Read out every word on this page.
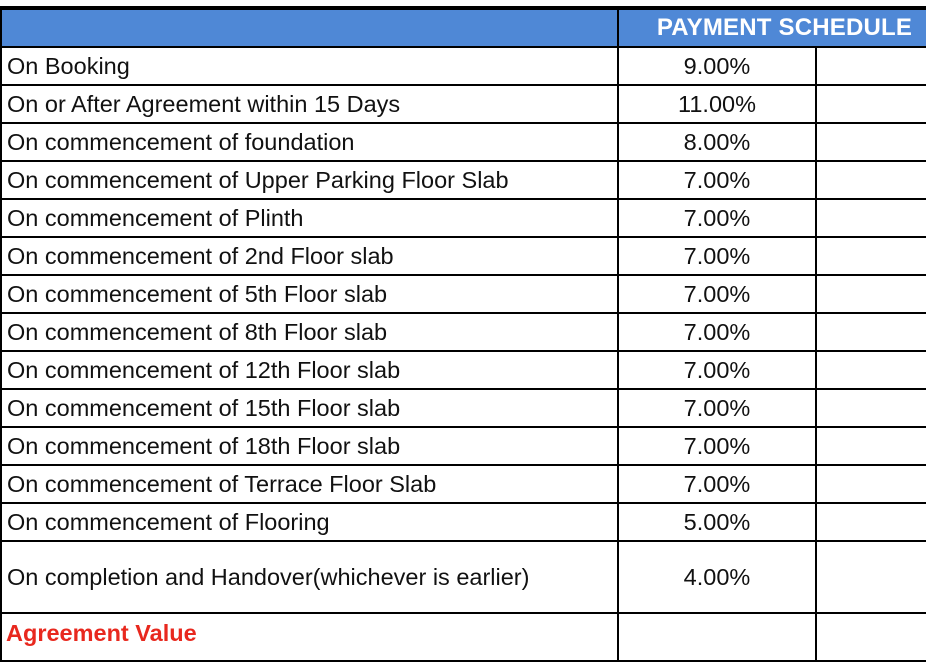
	PAYMENT SCHEDULE	
On Booking	9.00%	
On or After Agreement within 15 Days	11.00%	
On commencement of foundation	8.00%	
On commencement of Upper Parking Floor Slab	7.00%	
On commencement of Plinth	7.00%	
On commencement of 2nd Floor slab	7.00%	
On commencement of 5th Floor slab	7.00%	
On commencement of 8th Floor slab	7.00%	
On commencement of 12th Floor slab	7.00%	
On commencement of 15th Floor slab	7.00%	
On commencement of 18th Floor slab	7.00%	
On commencement of Terrace Floor Slab	7.00%	
On commencement of Flooring	5.00%	
On completion and Handover(whichever is earlier)	4.00%	
Agreement Value		
